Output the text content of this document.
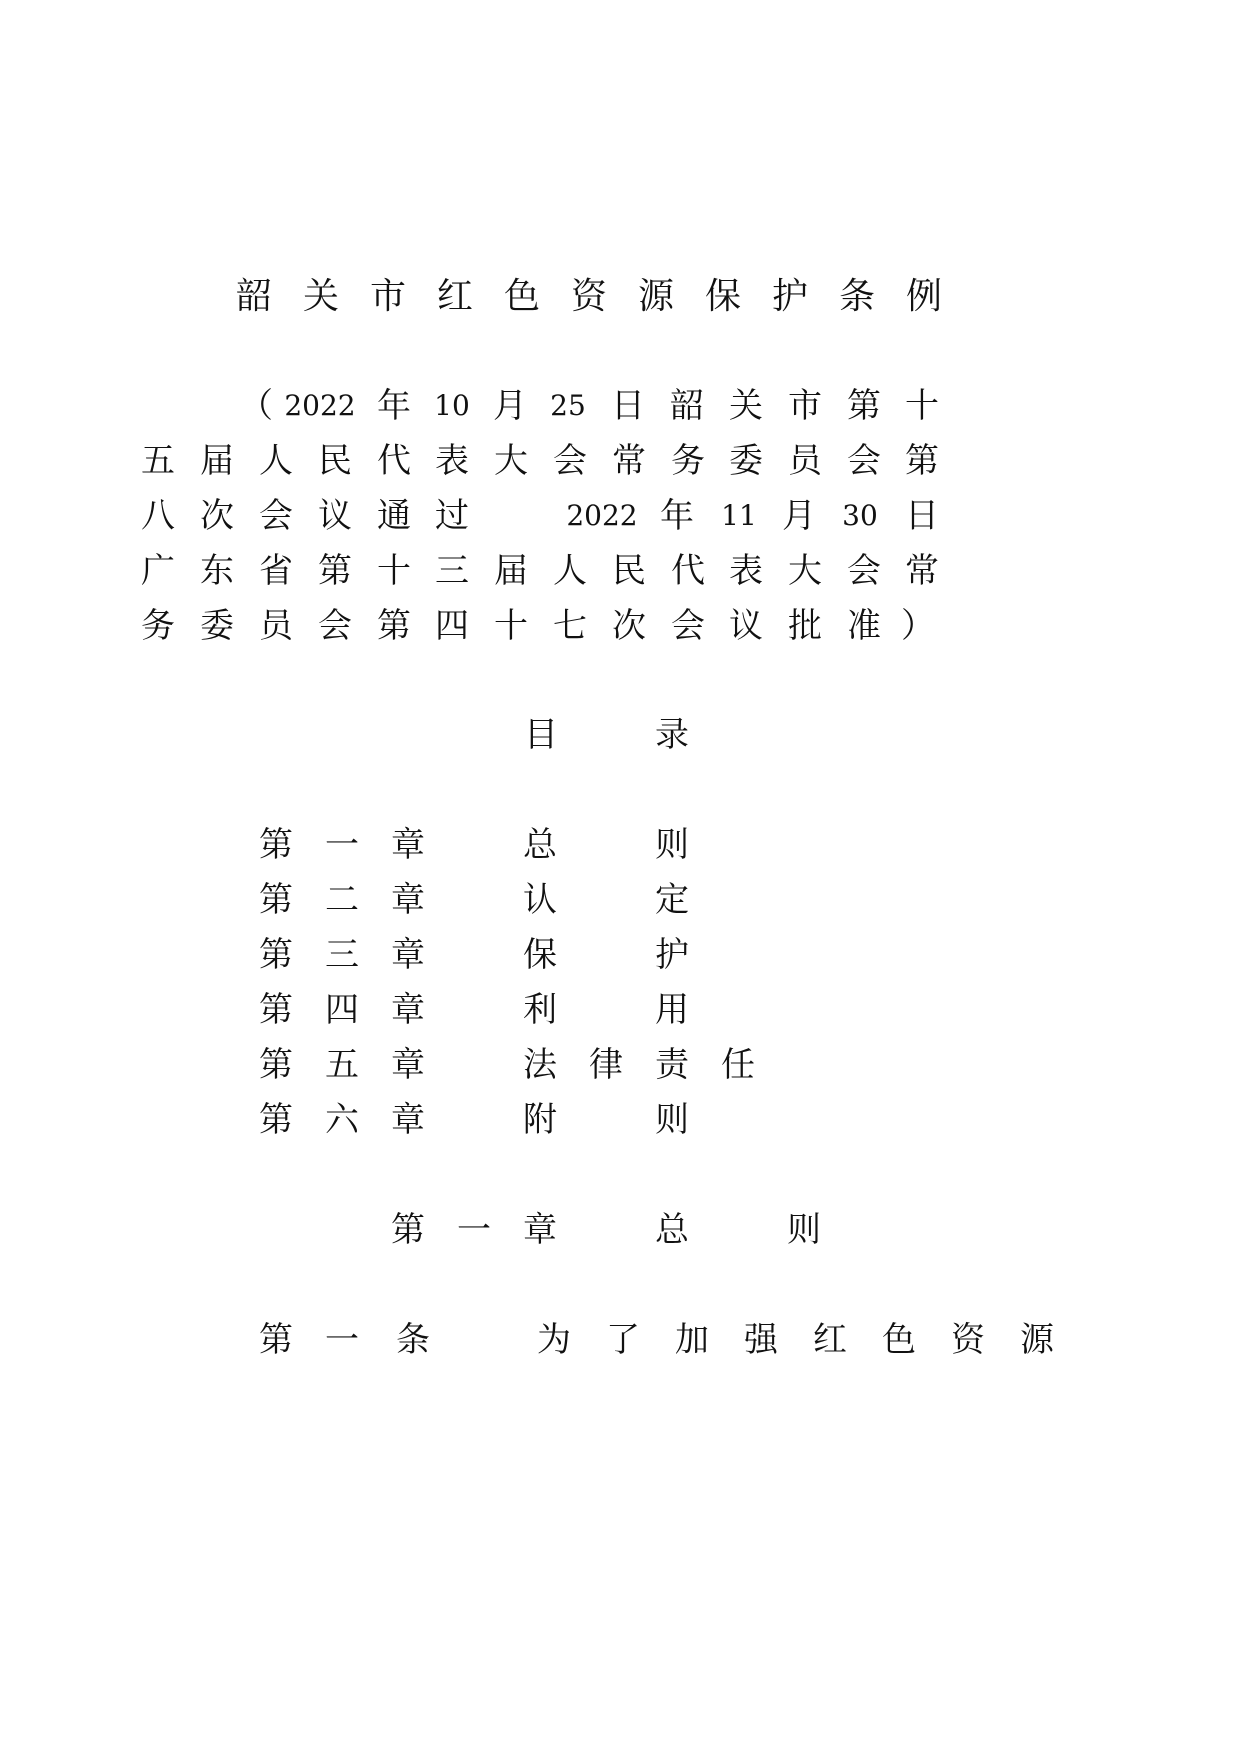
韶关市红色资源保护条例
（ 2022 年 10 月 25 日 韶 关 市 第 十
五 届 人 民 代 表 大 会 常 务 委 员 会 第
八 次 会 议 通 过	2022 年 11 月 30 日
广 东 省 第 十 三 届 人 民 代 表 大 会 常
务 委 员 会 第 四 十 七 次 会 议 批 准 ）
目	录
第 一 章	总	则
第 二 章	认	定
第 三 章	保	护
第 四 章	利	用
第 五 章	法 律 责 任
第 六 章	附	则
第 一 章	总	则
第 一 条	为 了 加 强 红 色 资 源
